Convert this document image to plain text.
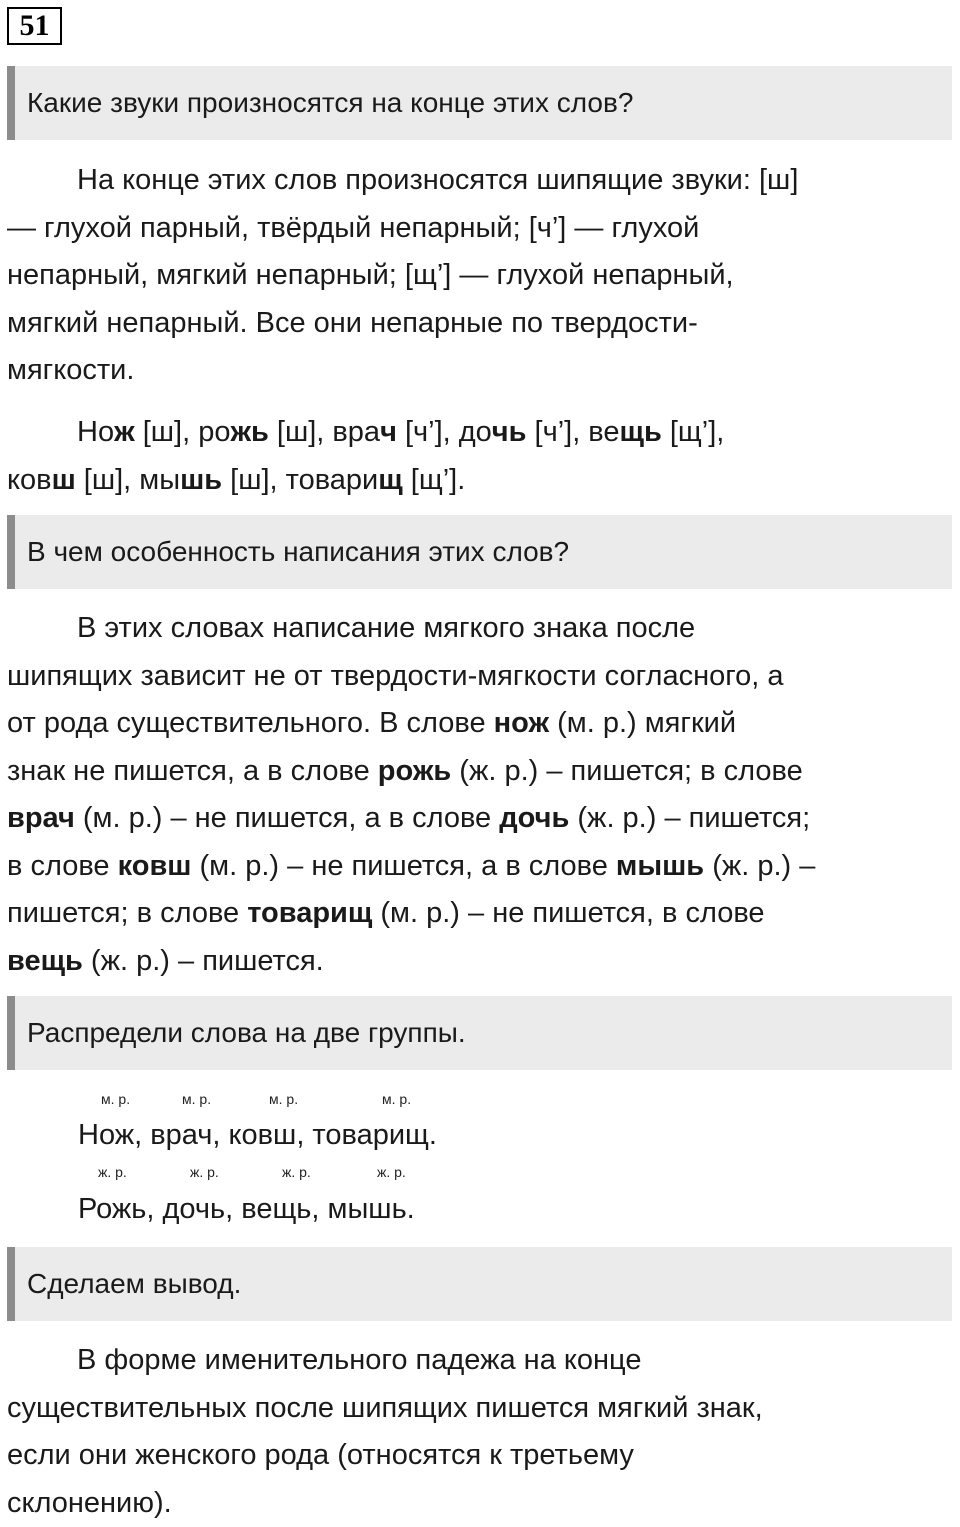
51
Какие звуки произносятся на конце этих слов?
На конце этих слов произносятся шипящие звуки: [ш]
— глухой парный, твёрдый непарный; [ч’] — глухой
непарный, мягкий непарный; [щ’] — глухой непарный,
мягкий непарный. Все они непарные по твердости-
мягкости.
Нож [ш], рожь [ш], врач [ч’], дочь [ч’], вещь [щ’],
ковш [ш], мышь [ш], товарищ [щ’].
В чем особенность написания этих слов?
В этих словах написание мягкого знака после
шипящих зависит не от твердости-мягкости согласного, а
от рода существительного. В слове нож (м. р.) мягкий
знак не пишется, а в слове рожь (ж. р.) – пишется; в слове
врач (м. р.) – не пишется, а в слове дочь (ж. р.) – пишется;
в слове ковш (м. р.) – не пишется, а в слове мышь (ж. р.) –
пишется; в слове товарищ (м. р.) – не пишется, в слове
вещь (ж. р.) – пишется.
Распредели слова на две группы.
м. р.	м. р.	м. р.	м. р.
Нож, врач, ковш, товарищ.
ж. р.	ж. р.	ж. р.	ж. р.
Рожь, дочь, вещь, мышь.
Сделаем вывод.
В форме именительного падежа на конце
существительных после шипящих пишется мягкий знак,
если они женского рода (относятся к третьему
склонению).
